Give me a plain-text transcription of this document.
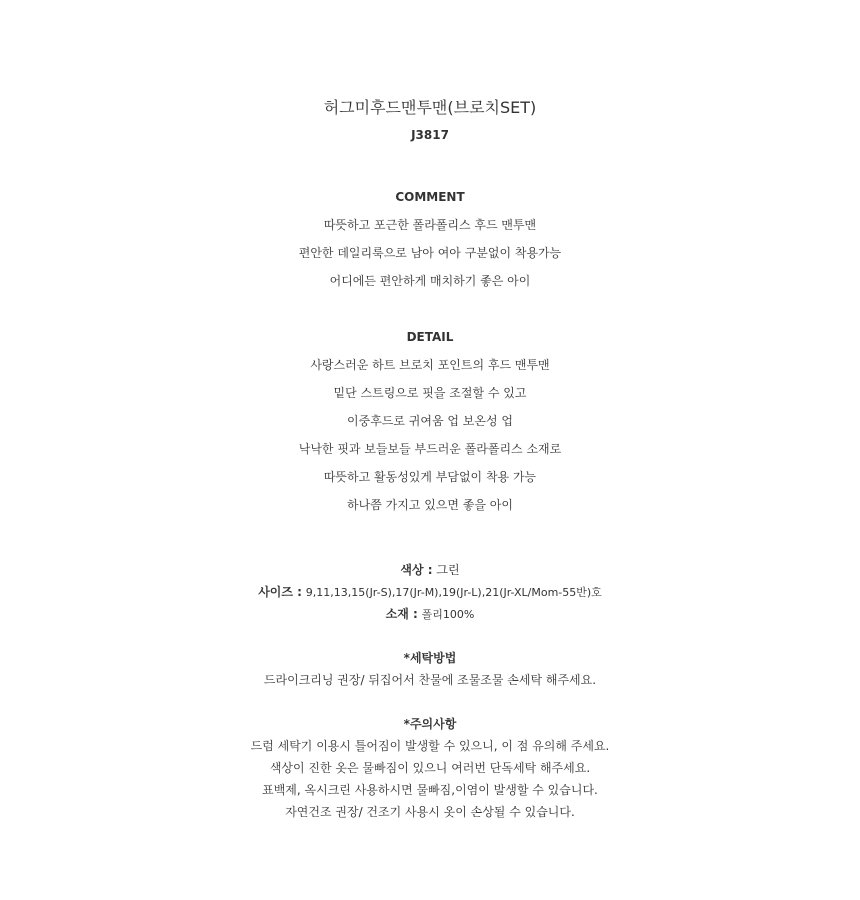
허그미후드맨투맨(브로치SET)
J3817
COMMENT
따뜻하고 포근한 폴라폴리스 후드 맨투맨
편안한 데일리룩으로 남아 여아 구분없이 착용가능
어디에든 편안하게 매치하기 좋은 아이
DETAIL
사랑스러운 하트 브로치 포인트의 후드 맨투맨
밑단 스트링으로 핏을 조절할 수 있고
이중후드로 귀여움 업 보온성 업
낙낙한 핏과 보들보들 부드러운 폴라폴리스 소재로
따뜻하고 활동성있게 부담없이 착용 가능
하나쯤 가지고 있으면 좋을 아이
색상 : 그린
사이즈 : 9,11,13,15(Jr-S),17(Jr-M),19(Jr-L),21(Jr-XL/Mom-55반)호
소재 : 폴리100%
*세탁방법
드라이크리닝 권장/ 뒤집어서 찬물에 조물조물 손세탁 해주세요.
*주의사항
드럼 세탁기 이용시 틀어짐이 발생할 수 있으니, 이 점 유의해 주세요.
색상이 진한 옷은 물빠짐이 있으니 여러번 단독세탁 해주세요.
표백제, 옥시크린 사용하시면 물빠짐,이염이 발생할 수 있습니다.
자연건조 권장/ 건조기 사용시 옷이 손상될 수 있습니다.
